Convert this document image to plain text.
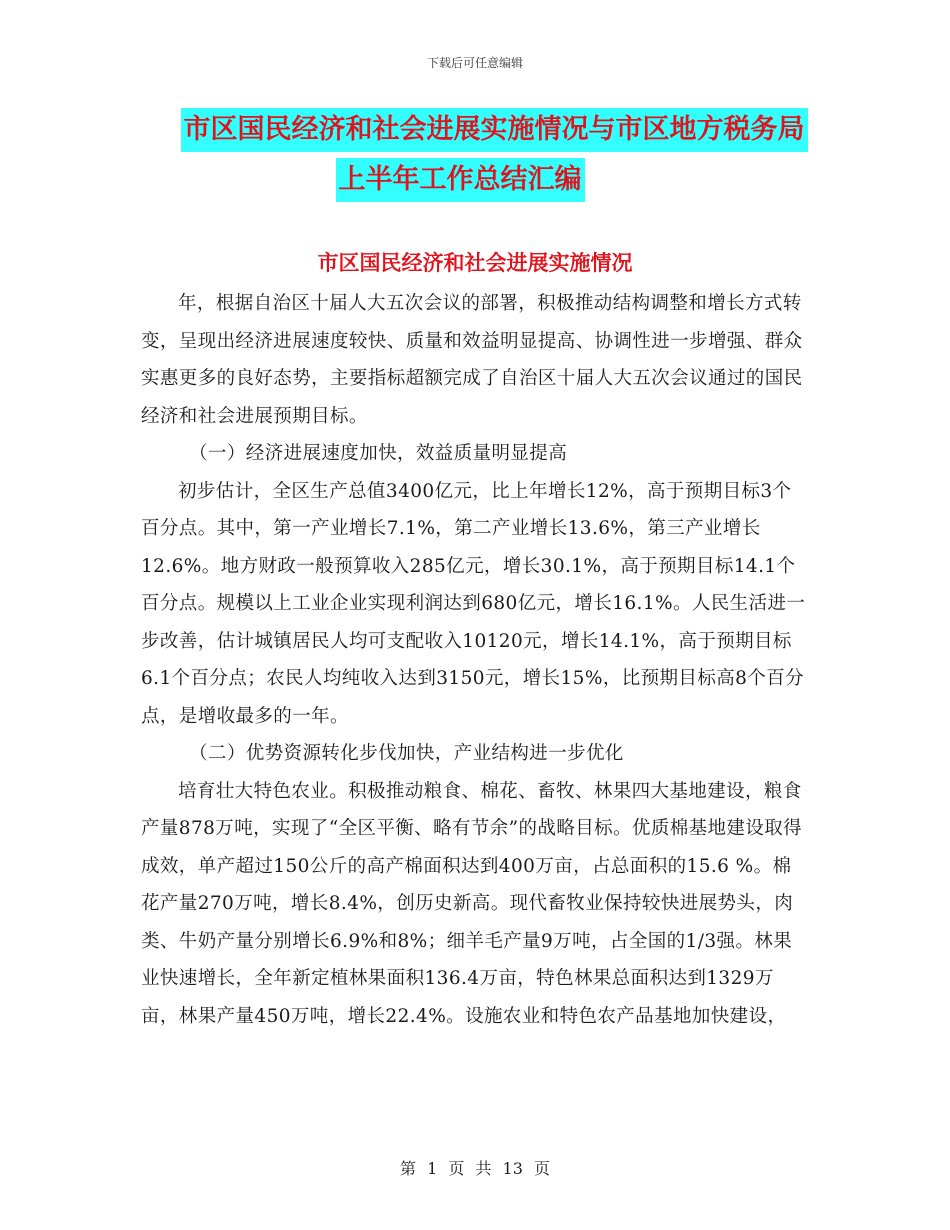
下载后可任意编辑
市区国民经济和社会进展实施情况与市区地方税务局
上半年工作总结汇编
市区国民经济和社会进展实施情况

年，根据自治区十届人大五次会议的部署，积极推动结构调整和增长方式转变，呈现出经济进展速度较快、质量和效益明显提高、协调性进一步增强、群众实惠更多的良好态势，主要指标超额完成了自治区十届人大五次会议通过的国民经济和社会进展预期目标。

（一）经济进展速度加快，效益质量明显提高

初步估计，全区生产总值3400亿元，比上年增长12%，高于预期目标3个百分点。其中，第一产业增长7.1%，第二产业增长13.6%，第三产业增长12.6%。地方财政一般预算收入285亿元，增长30.1%，高于预期目标14.1个百分点。规模以上工业企业实现利润达到680亿元，增长16.1%。人民生活进一步改善，估计城镇居民人均可支配收入10120元，增长14.1%，高于预期目标6.1个百分点；农民人均纯收入达到3150元，增长15%，比预期目标高8个百分点，是增收最多的一年。

（二）优势资源转化步伐加快，产业结构进一步优化

培育壮大特色农业。积极推动粮食、棉花、畜牧、林果四大基地建设，粮食产量878万吨，实现了“全区平衡、略有节余”的战略目标。优质棉基地建设取得成效，单产超过150公斤的高产棉面积达到400万亩，占总面积的15.6 %。棉花产量270万吨，增长8.4%，创历史新高。现代畜牧业保持较快进展势头，肉类、牛奶产量分别增长6.9%和8%；细羊毛产量9万吨，占全国的1/3强。林果业快速增长，全年新定植林果面积136.4万亩，特色林果总面积达到1329万亩，林果产量450万吨，增长22.4%。设施农业和特色农产品基地加快建设，

第 1 页 共 13 页
